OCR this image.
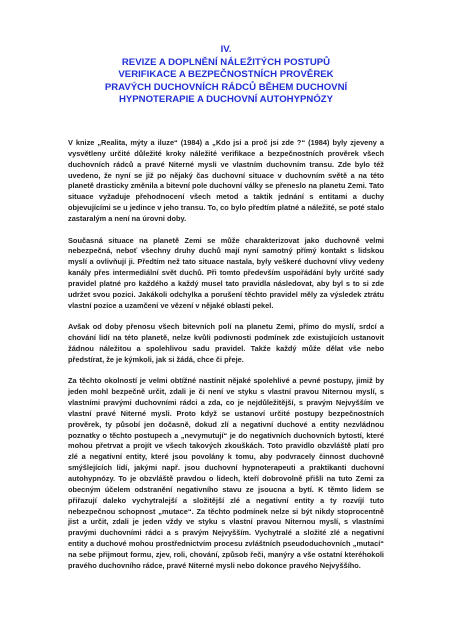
IV.
REVIZE A DOPLNĚNÍ NÁLEŽITÝCH POSTUPŮ
VERIFIKACE A BEZPEČNOSTNÍCH PROVĚREK
PRAVÝCH DUCHOVNÍCH RÁDCŮ BĚHEM DUCHOVNÍ
HYPNOTERAPIE A DUCHOVNÍ AUTOHYPNÓZY

V knize „Realita, mýty a iluze“ (1984) a „Kdo jsi a proč jsi zde ?“ (1984) byly zjeveny a vysvětleny určité důležité kroky náležité verifikace a bezpečnostních prověrek všech duchovních rádců a pravé Niterné mysli ve vlastním duchovním transu. Zde bylo též uvedeno, že nyní se již po nějaký čas duchovní situace v duchovním světě a na této planetě drasticky změnila a bitevní pole duchovní války se přeneslo na planetu Zemi. Tato situace vyžaduje přehodnocení všech metod a taktik jednání s entitami a duchy objevujícími se u jedince v jeho transu. To, co bylo předtím platné a náležité, se poté stalo zastaralým a není na úrovni doby.

Současná situace na planetě Zemi se může charakterizovat jako duchovně velmi nebezpečná, neboť všechny druhy duchů mají nyní samotný přímý kontakt s lidskou myslí a ovlivňují ji. Předtím než tato situace nastala, byly veškeré duchovní vlivy vedeny kanály přes intermediální svět duchů. Při tomto především uspořádání byly určité sady pravidel platné pro každého a každý musel tato pravidla následovat, aby byl s to si zde udržet svou pozici. Jakákoli odchylka a porušení těchto pravidel měly za výsledek ztrátu vlastní pozice a uzamčení ve vězení v nějaké oblasti pekel.

Avšak od doby přenosu všech bitevních polí na planetu Zemi, přímo do myslí, srdcí a chování lidí na této planetě, nelze kvůli podivnosti podmínek zde existujících ustanovit žádnou náležitou a spolehlivou sadu pravidel. Takže každý může dělat vše nebo předstírat, že je kýmkoli, jak si žádá, chce či přeje.

Za těchto okolností je velmi obtížné nastínit nějaké spolehlivé a pevné postupy, jimiž by jeden mohl bezpečně určit, zdali je či není ve styku s vlastní pravou Niternou myslí, s vlastními pravými duchovními rádci a zda, co je nejdůležitější, s pravým Nejvyšším ve vlastní pravé Niterné mysli. Proto když se ustanoví určité postupy bezpečnostních prověrek, ty působí jen dočasně, dokud zlí a negativní duchové a entity nezvládnou poznatky o těchto postupech a „nevymutují“ je do negativních duchovních bytostí, které mohou přetrvat a projít ve všech takových zkouškách. Toto pravidlo obzvláště platí pro zlé a negativní entity, které jsou povolány k tomu, aby podvracely činnost duchovně smýšlejících lidí, jakými např. jsou duchovní hypnoterapeuti a praktikanti duchovní autohypnózy. To je obzvláště pravdou o lidech, kteří dobrovolně přišli na tuto Zemi za obecným účelem odstranění negativního stavu ze jsoucna a bytí. K těmto lidem se přiřazují daleko vychytralejší a složitější zlé a negativní entity a ty rozvíjí tuto nebezpečnou schopnost „mutace“. Za těchto podmínek nelze si být nikdy stoprocentně jist a určit, zdali je jeden vždy ve styku s vlastní pravou Niternou myslí, s vlastními pravými duchovními rádci a s pravým Nejvyšším. Vychytralé a složité zlé a negativní entity a duchové mohou prostřednictvím procesu zvláštních pseudoduchovních „mutací“ na sebe přijmout formu, zjev, roli, chování, způsob řeči, manýry a vše ostatní kteréhokoli pravého duchovního rádce, pravé Niterné mysli nebo dokonce pravého Nejvyššího.
